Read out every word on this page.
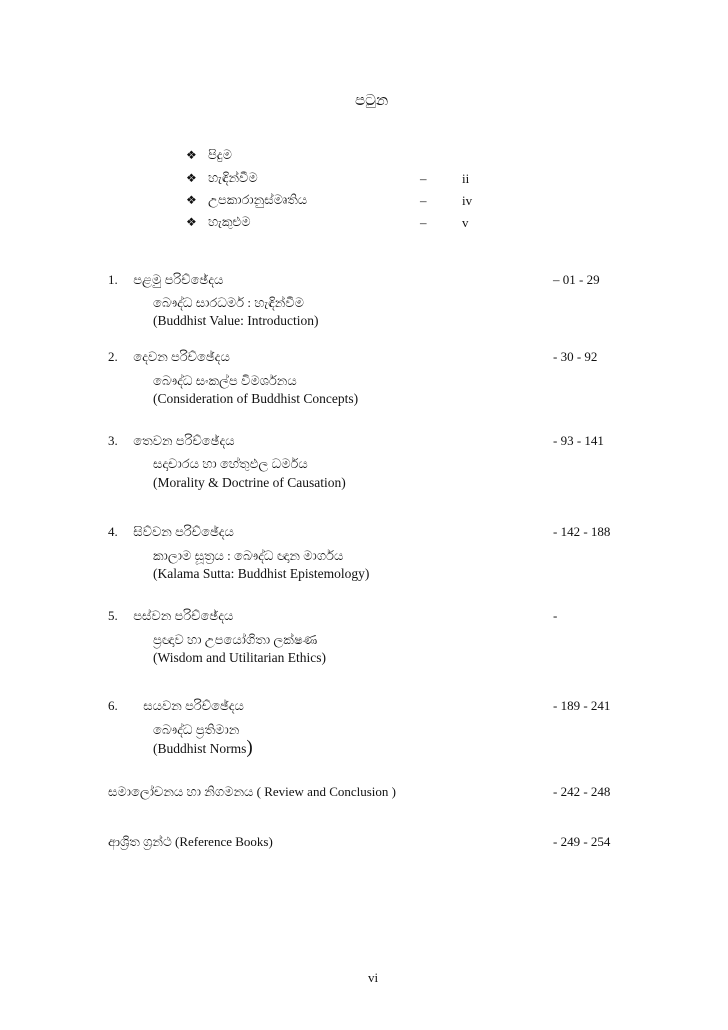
පටුන
❖ පිදුම
❖ හැඳින්වීම	–	ii
❖ උපකාරානුස්මෘතිය	–	iv
❖ හැකුළුම	–	v
1. පළමු පරිච්ඡේදය	– 01 - 29
බෞද්ධ සාරධර්ම : හැඳින්වීම
(Buddhist Value: Introduction)
2. දෙවන පරිච්ඡේදය	- 30 - 92
බෞද්ධ සංකල්ප විමර්ශනය
(Consideration of Buddhist Concepts)
3. තෙවන පරිච්ඡේදය	- 93 - 141
සදාචාරය හා හේතුඵල ධර්මය
(Morality & Doctrine of Causation)
4. සිව්වන පරිච්ඡේදය	- 142 - 188
කාලාම සූත්‍රය : බෞද්ධ ඥාන මාර්ගය
(Kalama Sutta: Buddhist Epistemology)
5. පස්වන පරිච්ඡේදය	-
ප්‍රඥාව හා උපයෝගිතා ලක්ෂණ
(Wisdom and Utilitarian Ethics)
6. සයවන පරිච්ඡේදය	- 189 - 241
බෞද්ධ ප්‍රතිමාන
(Buddhist Norms)
සමාලෝචනය හා නිගමනය ( Review and Conclusion )	- 242 - 248
ආශ්‍රිත ග්‍රන්ථ (Reference Books)	- 249 - 254
vi
